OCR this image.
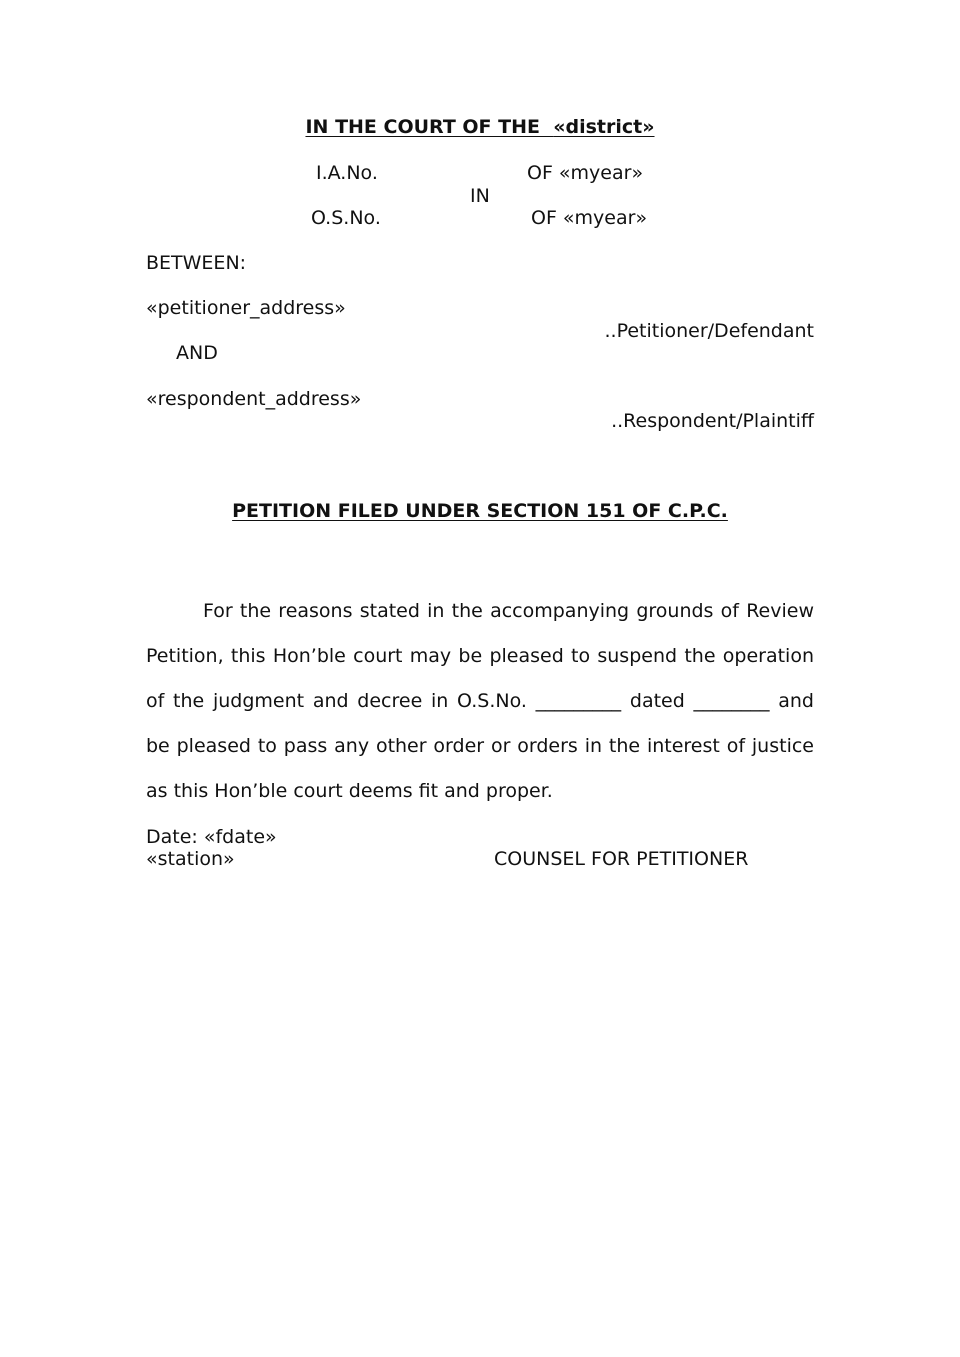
IN THE COURT OF THE «district»
I.A.No.	OF «myear»
IN
O.S.No.	OF «myear»
BETWEEN:
«petitioner_address»
..Petitioner/Defendant
AND
«respondent_address»
..Respondent/Plaintiff
PETITION FILED UNDER SECTION 151 OF C.P.C.

For the reasons stated in the accompanying grounds of Review Petition, this Hon’ble court may be pleased to suspend the operation of the judgment and decree in O.S.No. _________ dated ________ and be pleased to pass any other order or orders in the interest of justice as this Hon’ble court deems fit and proper.

Date: «fdate»
«station»	COUNSEL FOR PETITIONER
